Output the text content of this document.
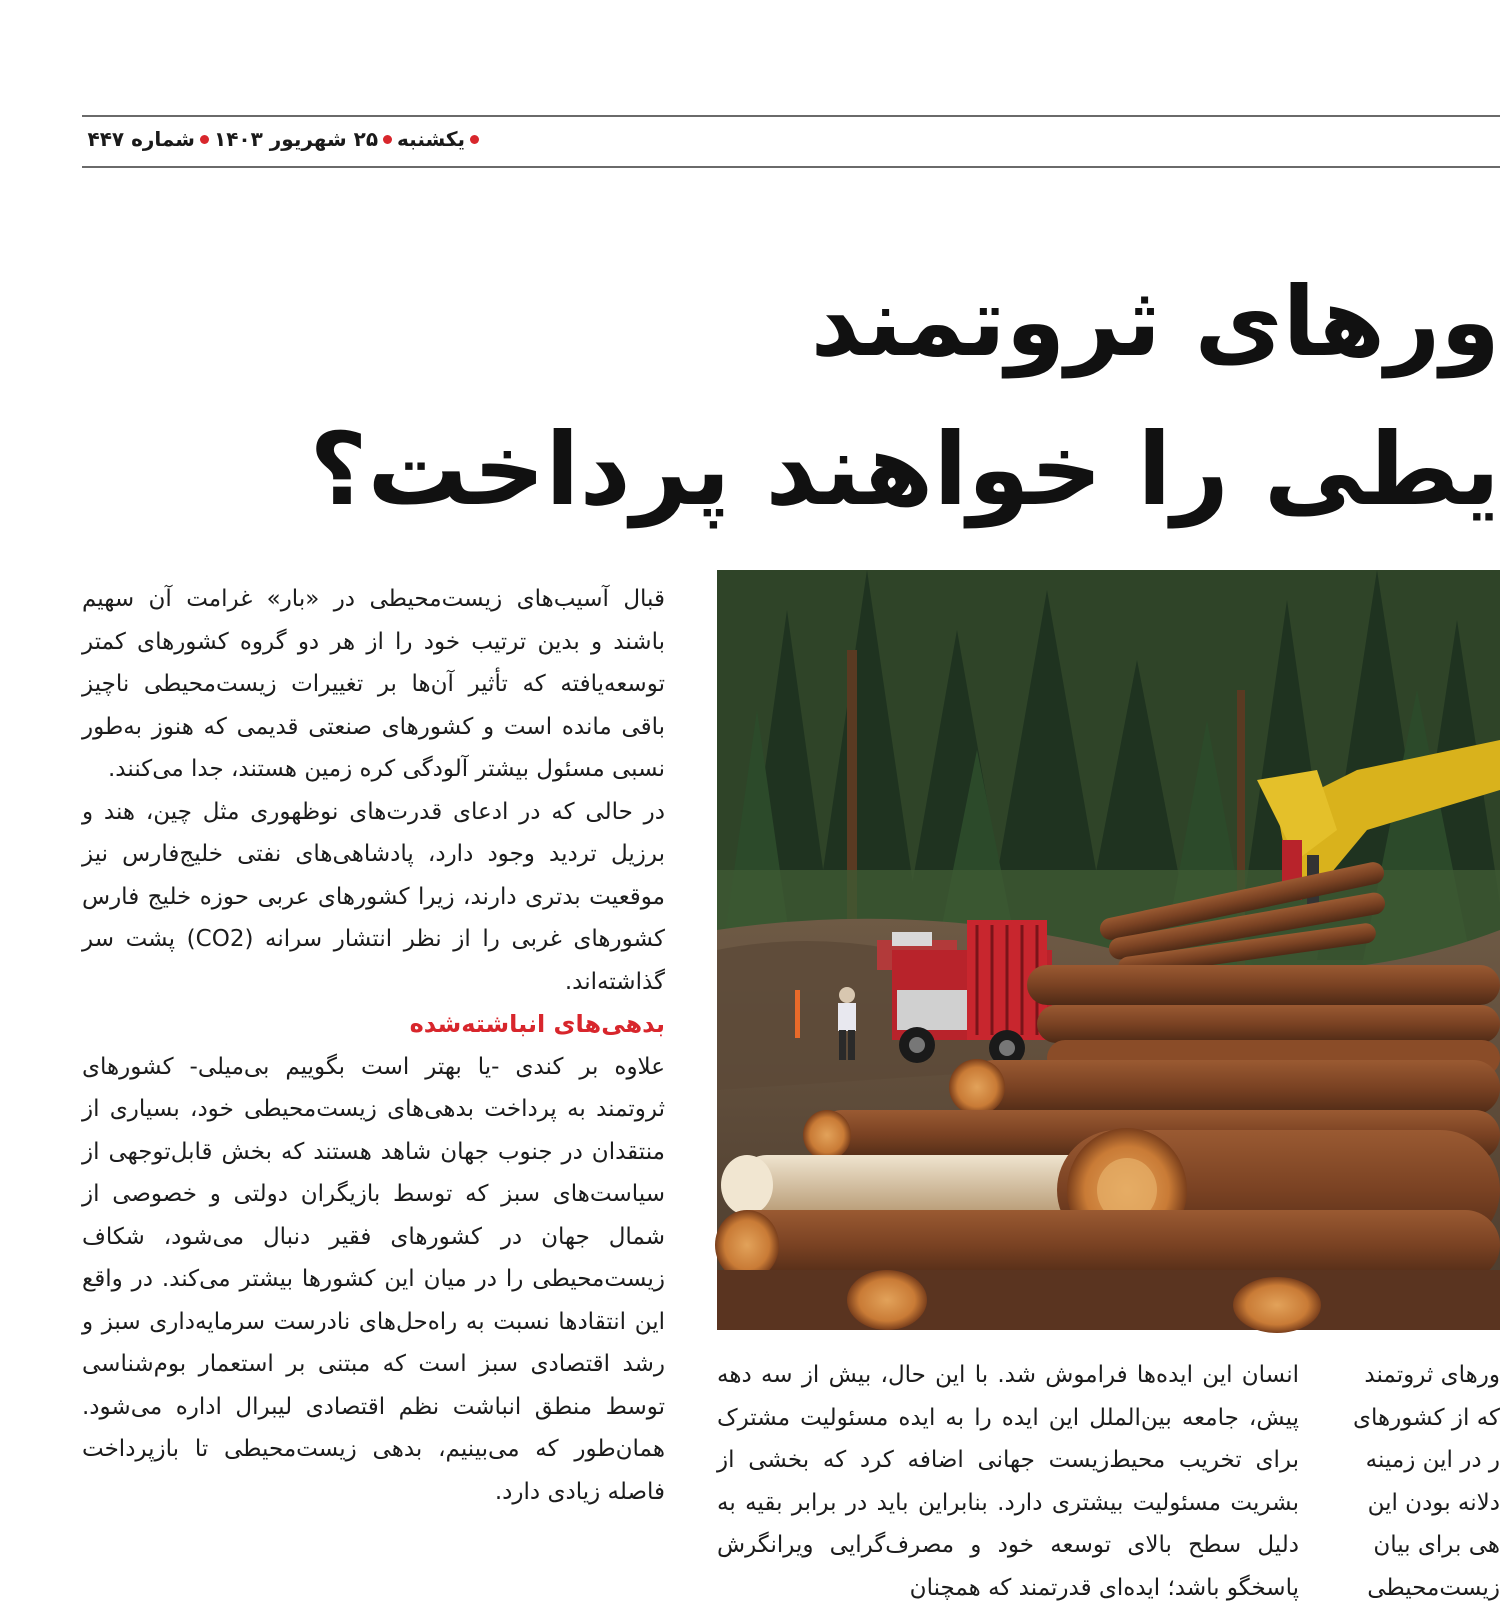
یکشنبه
۲۵ شهریور ۱۴۰۳
شماره ۴۴۷
ورهای ثروتمند
یطی را خواهند پرداخت؟

قبال آسیب‌های زیست‌محیطی در «بار» غرامت آن سهیم باشند و بدین ترتیب خود را از هر دو گروه کشورهای کمتر توسعه‌یافته که تأثیر آن‌ها بر تغییرات زیست‌محیطی ناچیز باقی مانده است و کشورهای صنعتی قدیمی که هنوز به‌طور نسبی مسئول بیشتر آلودگی کره زمین هستند، جدا می‌کنند.

در حالی که در ادعای قدرت‌های نوظهوری مثل چین، هند و برزیل تردید وجود دارد، پادشاهی‌های نفتی خلیج‌فارس نیز موقعیت بدتری دارند، زیرا کشورهای عربی حوزه خلیج فارس کشورهای غربی را از نظر انتشار سرانه (CO2) پشت سر گذاشته‌اند.

بدهی‌های انباشته‌شده

علاوه بر کندی -یا بهتر است بگوییم بی‌میلی- کشورهای ثروتمند به پرداخت بدهی‌های زیست‌محیطی خود، بسیاری از منتقدان در جنوب جهان شاهد هستند که بخش قابل‌توجهی از سیاست‌های سبز که توسط بازیگران دولتی و خصوصی از شمال جهان در کشورهای فقیر دنبال می‌شود، شکاف زیست‌محیطی را در میان این کشورها بیشتر می‌کند. در واقع این انتقادها نسبت به راه‌حل‌های نادرست سرمایه‌داری سبز و رشد اقتصادی سبز است که مبتنی بر استعمار بوم‌شناسی توسط منطق انباشت نظم اقتصادی لیبرال اداره می‌شود. همان‌طور که می‌بینیم، بدهی زیست‌محیطی تا بازپرداخت فاصله زیادی دارد.

انسان این ایده‌ها فراموش شد. با این حال، بیش از سه دهه پیش، جامعه بین‌الملل این ایده را به ایده مسئولیت مشترک برای تخریب محیط‌زیست جهانی اضافه کرد که بخشی از بشریت مسئولیت بیشتری دارد. بنابراین باید در برابر بقیه به دلیل سطح بالای توسعه خود و مصرف‌گرایی ویرانگرش پاسخگو باشد؛ ایده‌ای قدرتمند که همچنان

ورهای ثروتمند
که از کشورهای
ر در این زمینه
دلانه بودن این
هی برای بیان
زیست‌محیطی
